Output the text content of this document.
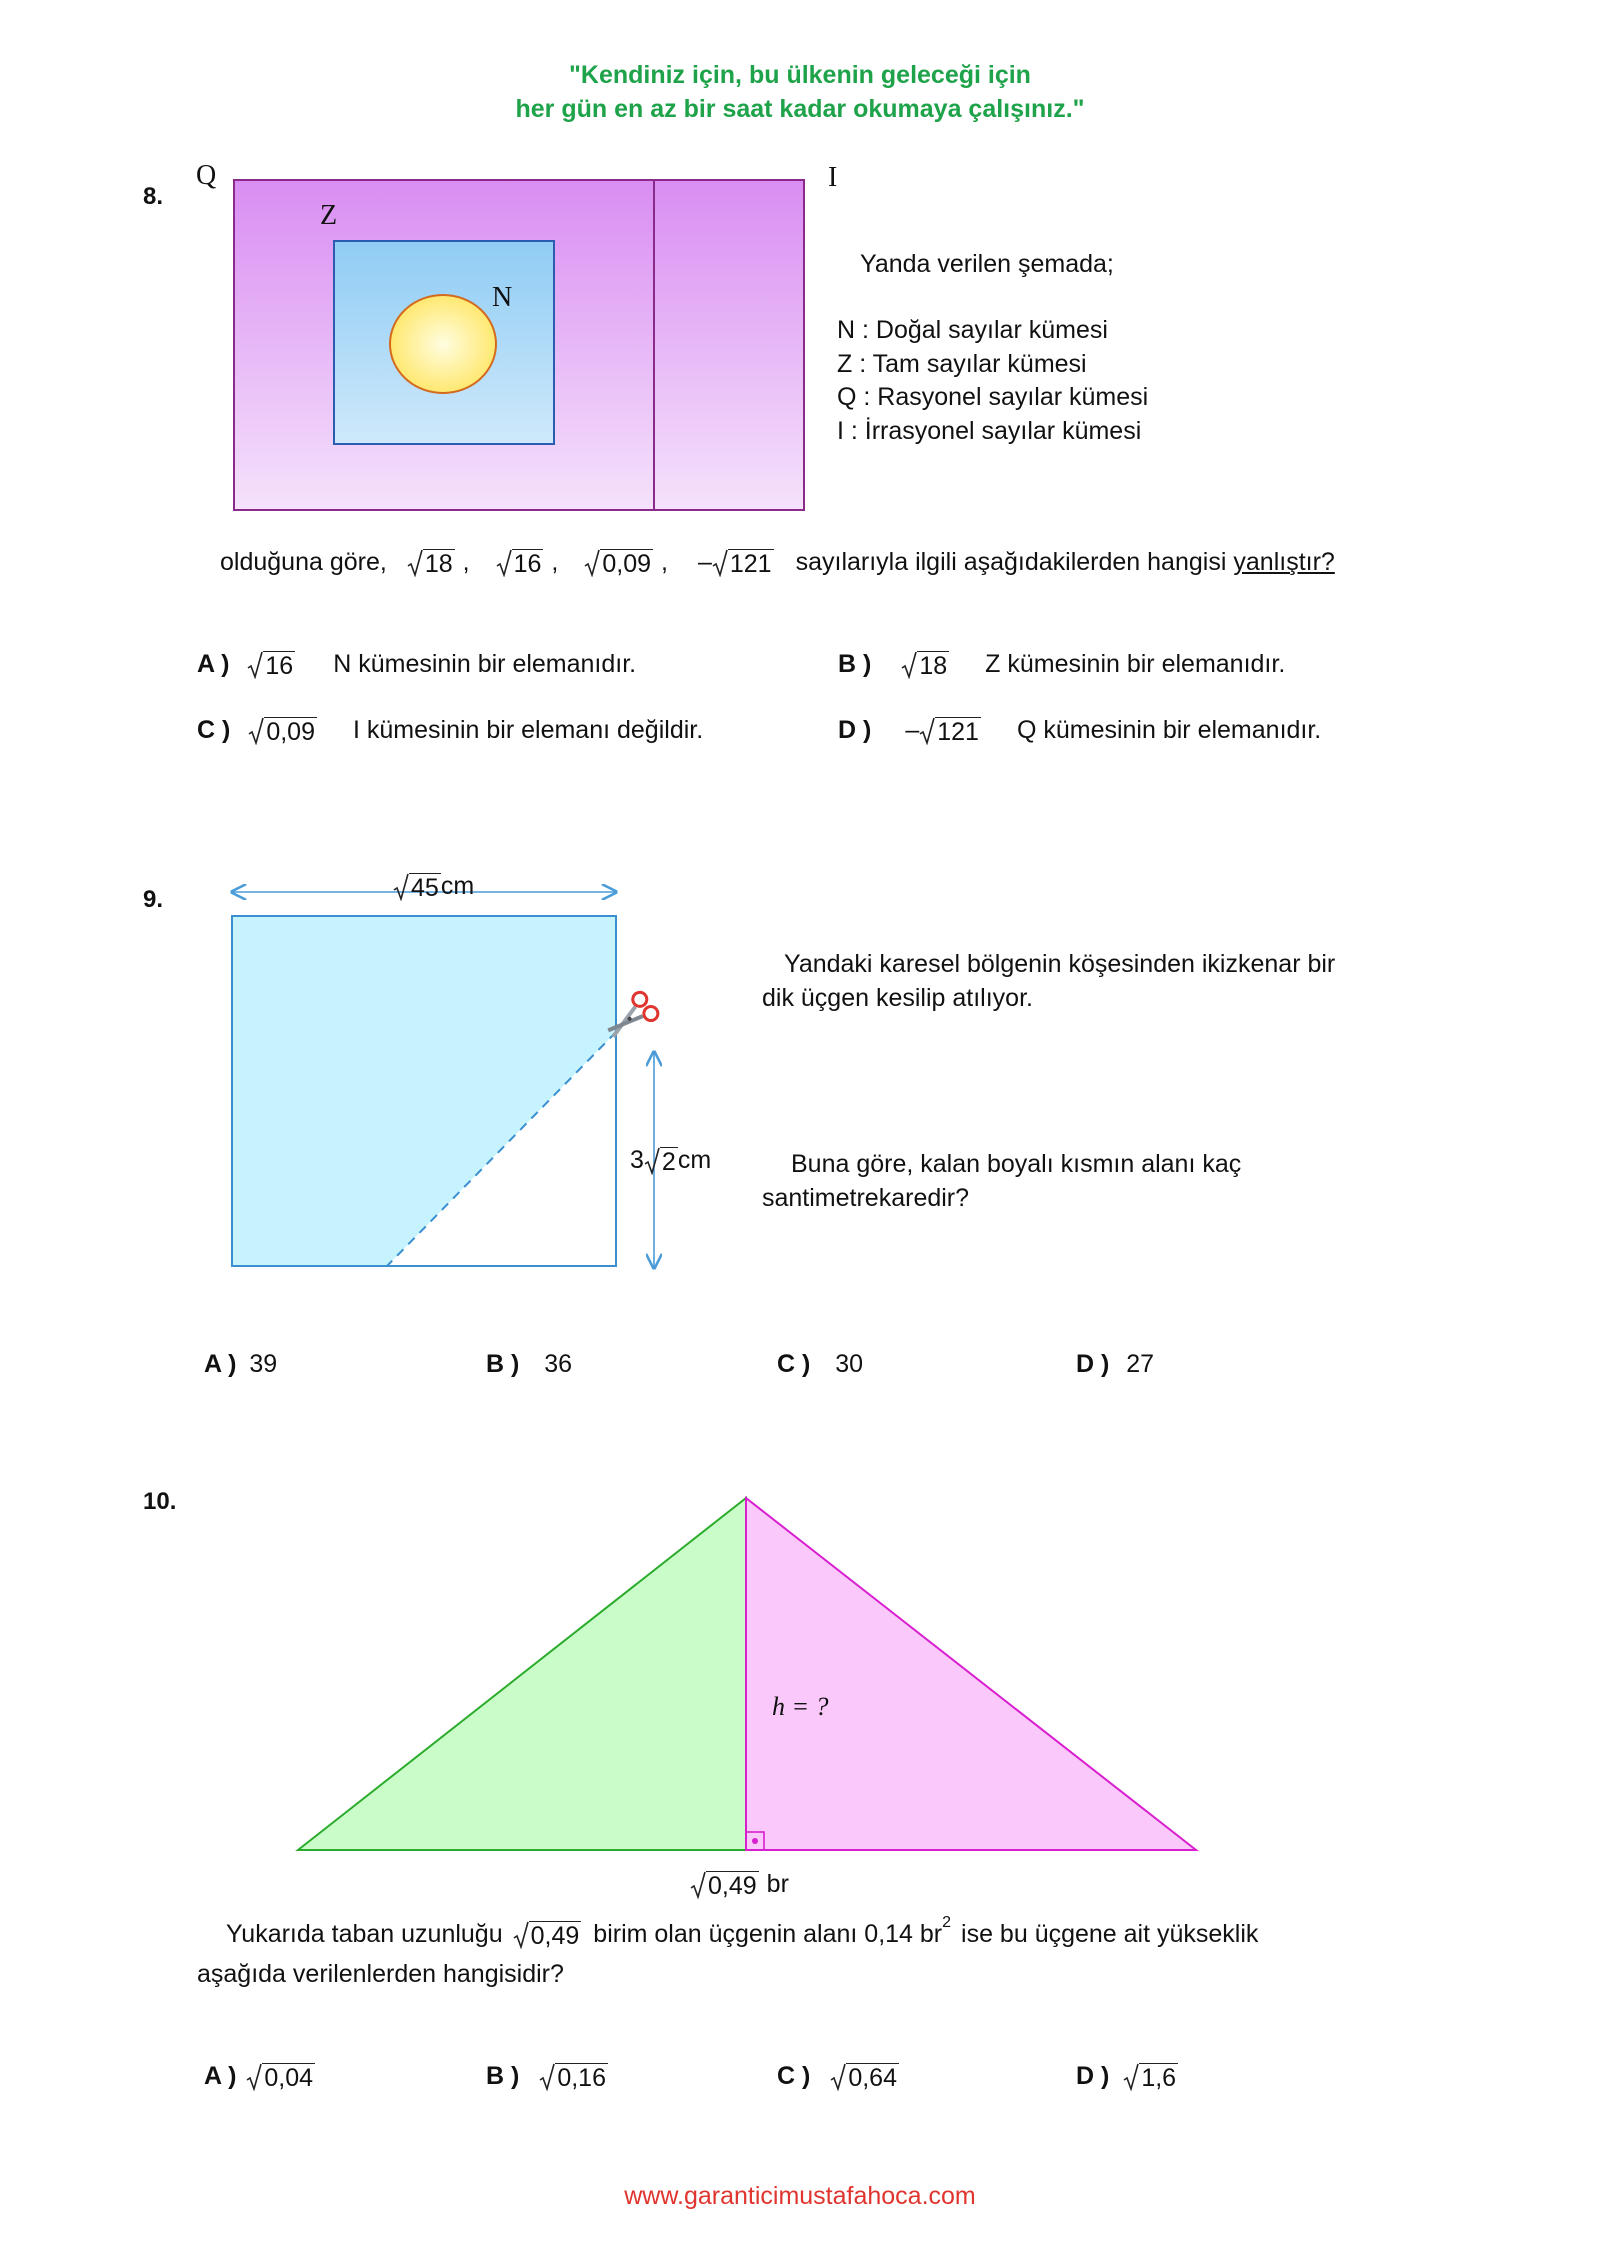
"Kendiniz için, bu ülkenin geleceği için
her gün en az bir saat kadar okumaya çalışınız."
8.
Q	I
Z
N
Yanda verilen şemada;
N : Doğal sayılar kümesi
Z : Tam sayılar kümesi
Q : Rasyonel sayılar kümesi
I : İrrasyonel sayılar kümesi
olduğuna göre, 18 , 16 , 0,09 , – 121 sayılarıyla ilgili aşağıdakilerden hangisi yanlıştır?
A ) 16 N kümesinin bir elemanıdır.	B ) 18 Z kümesinin bir elemanıdır.
C ) 0,09 I kümesinin bir elemanı değildir.	D ) – 121 Q kümesinin bir elemanıdır.
9.	45 cm
3 2 cm
Yandaki karesel bölgenin köşesinden ikizkenar bir
dik üçgen kesilip atılıyor.
Buna göre, kalan boyalı kısmın alanı kaç
santimetrekaredir?
A ) 39	B ) 36	C ) 30	D ) 27
10.
h = ?
0,49 br
Yukarıda taban uzunluğu 0,49 birim olan üçgenin alanı 0,14 $br^2$ ise bu üçgene ait yükseklik
aşağıda verilenlerden hangisidir?
A ) 0,04	B ) 0,16	C ) 0,64	D ) 1,6
www.garanticimustafahoca.com
